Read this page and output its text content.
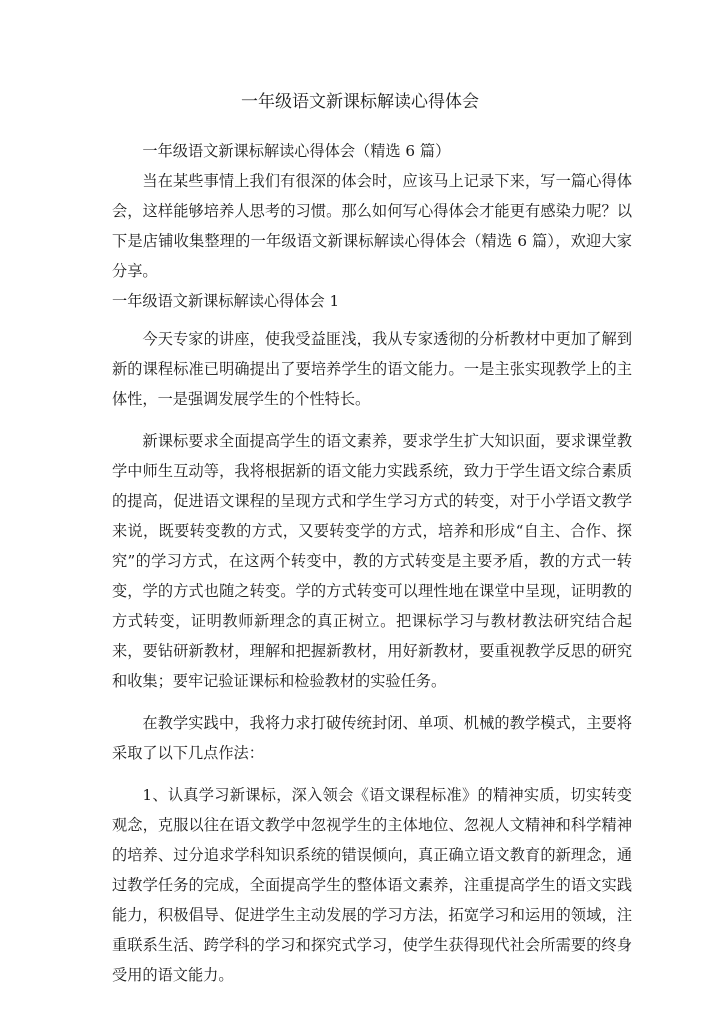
一年级语文新课标解读心得体会

一年级语文新课标解读心得体会（精选 6 篇）

当在某些事情上我们有很深的体会时，应该马上记录下来，写一篇心得体会，这样能够培养人思考的习惯。那么如何写心得体会才能更有感染力呢？以下是店铺收集整理的一年级语文新课标解读心得体会（精选 6 篇），欢迎大家分享。

一年级语文新课标解读心得体会 1

今天专家的讲座，使我受益匪浅，我从专家透彻的分析教材中更加了解到新的课程标准已明确提出了要培养学生的语文能力。一是主张实现教学上的主体性，一是强调发展学生的个性特长。

新课标要求全面提高学生的语文素养，要求学生扩大知识面，要求课堂教学中师生互动等，我将根据新的语文能力实践系统，致力于学生语文综合素质的提高，促进语文课程的呈现方式和学生学习方式的转变，对于小学语文教学来说，既要转变教的方式，又要转变学的方式，培养和形成“自主、合作、探究”的学习方式，在这两个转变中，教的方式转变是主要矛盾，教的方式一转变，学的方式也随之转变。学的方式转变可以理性地在课堂中呈现，证明教的方式转变，证明教师新理念的真正树立。把课标学习与教材教法研究结合起来，要钻研新教材，理解和把握新教材，用好新教材，要重视教学反思的研究和收集；要牢记验证课标和检验教材的实验任务。

在教学实践中，我将力求打破传统封闭、单项、机械的教学模式，主要将采取了以下几点作法：

1、认真学习新课标，深入领会《语文课程标准》的精神实质，切实转变观念，克服以往在语文教学中忽视学生的主体地位、忽视人文精神和科学精神的培养、过分追求学科知识系统的错误倾向，真正确立语文教育的新理念，通过教学任务的完成，全面提高学生的整体语文素养，注重提高学生的语文实践能力，积极倡导、促进学生主动发展的学习方法，拓宽学习和运用的领域，注重联系生活、跨学科的学习和探究式学习，使学生获得现代社会所需要的终身受用的语文能力。
